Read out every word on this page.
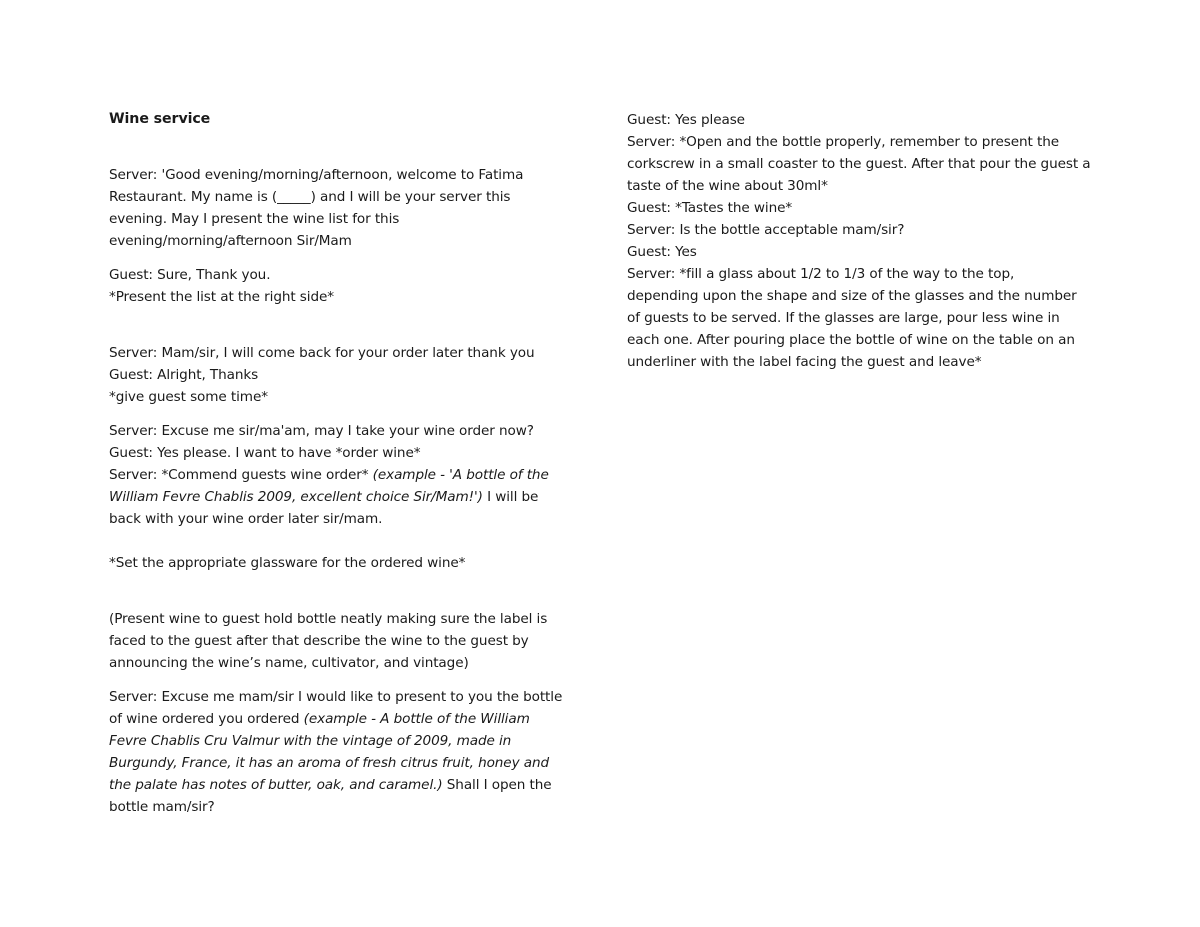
Wine service

Server: 'Good evening/morning/afternoon, welcome to Fatima
Restaurant. My name is (_____) and I will be your server this
evening. May I present the wine list for this
evening/morning/afternoon Sir/Mam
Guest: Sure, Thank you.
*Present the list at the right side*
Server: Mam/sir, I will come back for your order later thank you
Guest: Alright, Thanks
*give guest some time*
Server: Excuse me sir/ma'am, may I take your wine order now?
Guest: Yes please. I want to have *order wine*
Server: *Commend guests wine order* (example - 'A bottle of the
William Fevre Chablis 2009, excellent choice Sir/Mam!') I will be
back with your wine order later sir/mam.
*Set the appropriate glassware for the ordered wine*
(Present wine to guest hold bottle neatly making sure the label is
faced to the guest after that describe the wine to the guest by
announcing the wine’s name, cultivator, and vintage)
Server: Excuse me mam/sir I would like to present to you the bottle
of wine ordered you ordered (example - A bottle of the William
Fevre Chablis Cru Valmur with the vintage of 2009, made in
Burgundy, France, it has an aroma of fresh citrus fruit, honey and
the palate has notes of butter, oak, and caramel.) Shall I open the
bottle mam/sir?
Guest: Yes please
Server: *Open and the bottle properly, remember to present the
corkscrew in a small coaster to the guest. After that pour the guest a
taste of the wine about 30ml*
Guest: *Tastes the wine*
Server: Is the bottle acceptable mam/sir?
Guest: Yes
Server: *fill a glass about 1/2 to 1/3 of the way to the top,
depending upon the shape and size of the glasses and the number
of guests to be served. If the glasses are large, pour less wine in
each one. After pouring place the bottle of wine on the table on an
underliner with the label facing the guest and leave*
